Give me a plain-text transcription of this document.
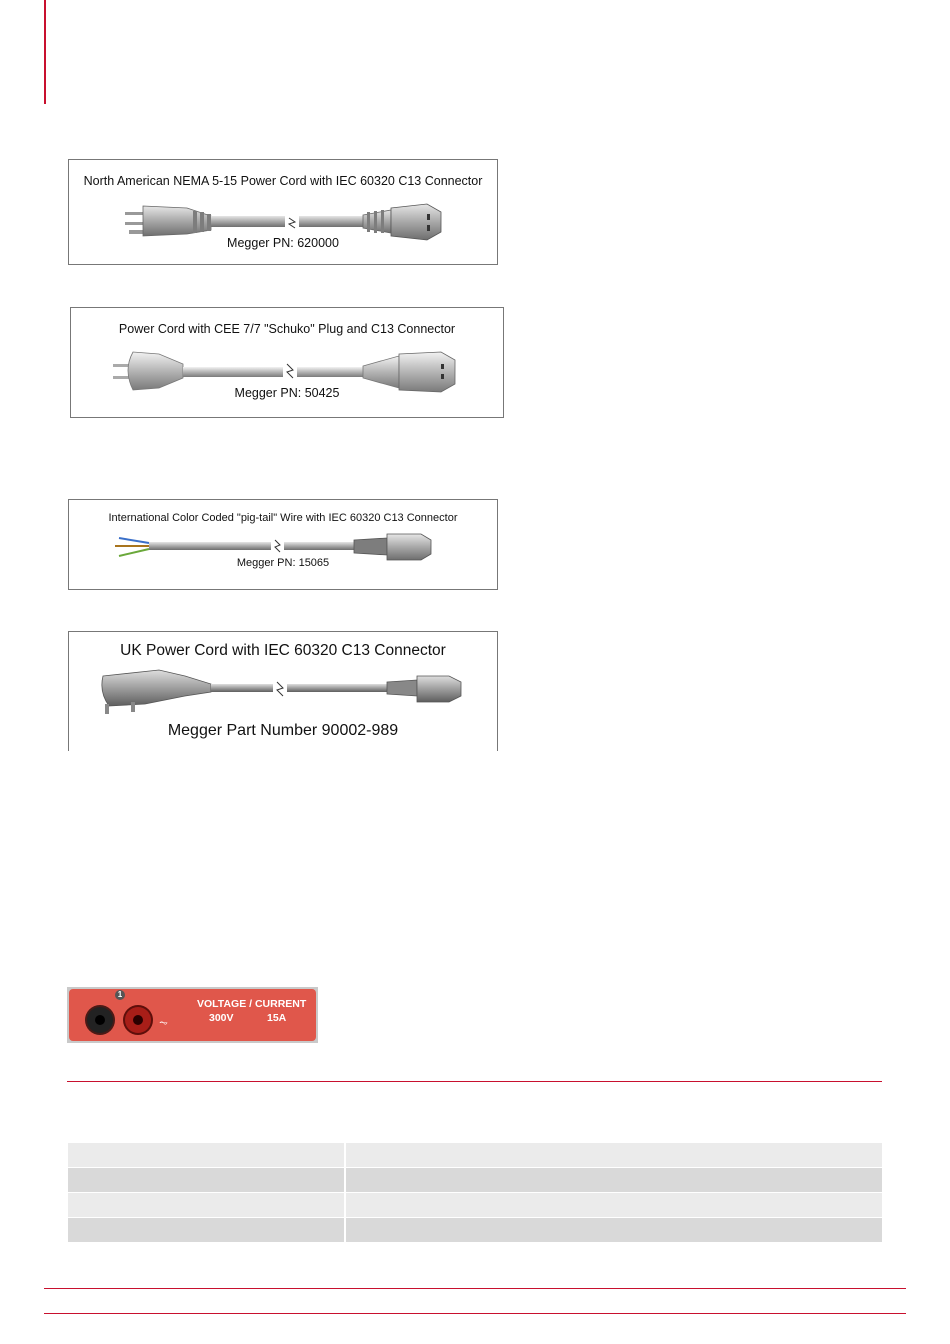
North American NEMA 5-15 Power Cord with IEC 60320 C13 Connector
Megger PN: 620000
Power Cord with CEE 7/7 "Schuko" Plug and C13 Connector
Megger PN: 50425
International Color Coded "pig-tail" Wire with IEC 60320 C13 Connector
Megger PN: 15065
UK Power Cord with IEC 60320 C13 Connector
Megger Part Number 90002-989
1
⏦
VOLTAGE / CURRENT
300V	15A
